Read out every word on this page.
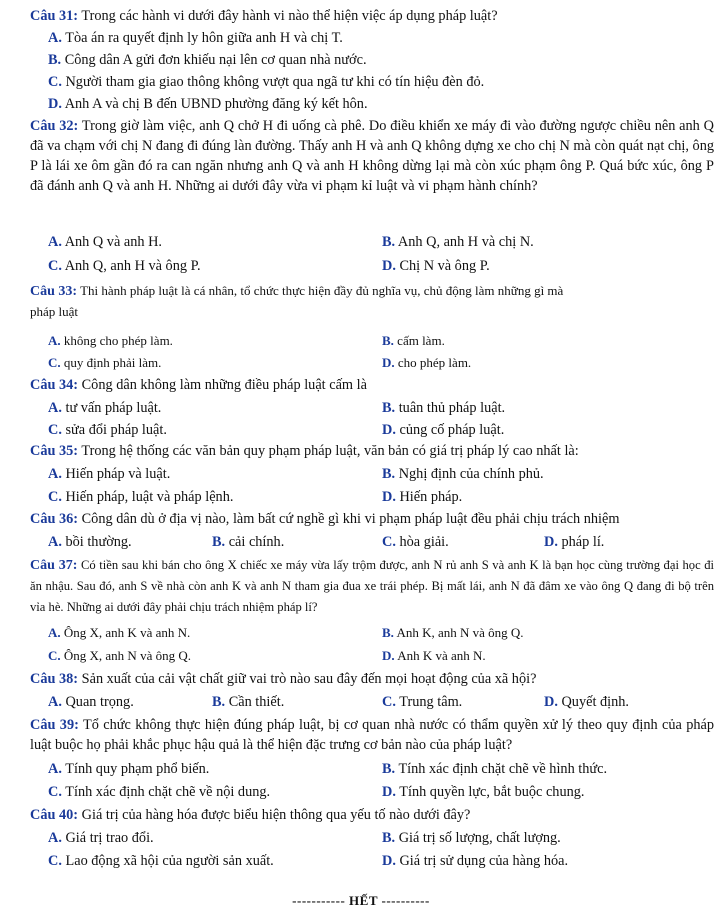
Câu 31: Trong các hành vi dưới đây hành vi nào thể hiện việc áp dụng pháp luật?
A. Tòa án ra quyết định ly hôn giữa anh H và chị T.
B. Công dân A gửi đơn khiếu nại lên cơ quan nhà nước.
C. Người tham gia giao thông không vượt qua ngã tư khi có tín hiệu đèn đỏ.
D. Anh A và chị B đến UBND phường đăng ký kết hôn.
Câu 32: Trong giờ làm việc, anh Q chở H đi uống cà phê. Do điều khiển xe máy đi vào đường ngược chiều nên anh Q đã va chạm với chị N đang đi đúng làn đường. Thấy anh H và anh Q không dựng xe cho chị N mà còn quát nạt chị, ông P là lái xe ôm gần đó ra can ngăn nhưng anh Q và anh H không dừng lại mà còn xúc phạm ông P. Quá bức xúc, ông P đã đánh anh Q và anh H. Những ai dưới đây vừa vi phạm kỉ luật và vi phạm hành chính?
A. Anh Q và anh H.	B. Anh Q, anh H và chị N.
C. Anh Q, anh H và ông P.	D. Chị N và ông P.
Câu 33: Thi hành pháp luật là cá nhân, tổ chức thực hiện đầy đủ nghĩa vụ, chủ động làm những gì mà pháp luật
A. không cho phép làm.	B. cấm làm.
C. quy định phải làm.	D. cho phép làm.
Câu 34: Công dân không làm những điều pháp luật cấm là
A. tư vấn pháp luật.	B. tuân thủ pháp luật.
C. sửa đổi pháp luật.	D. củng cố pháp luật.
Câu 35: Trong hệ thống các văn bản quy phạm pháp luật, văn bản có giá trị pháp lý cao nhất là:
A. Hiến pháp và luật.	B. Nghị định của chính phủ.
C. Hiến pháp, luật và pháp lệnh.	D. Hiến pháp.
Câu 36: Công dân dù ở địa vị nào, làm bất cứ nghề gì khi vi phạm pháp luật đều phải chịu trách nhiệm
A. bồi thường.	B. cải chính.	C. hòa giải.	D. pháp lí.
Câu 37: Có tiền sau khi bán cho ông X chiếc xe máy vừa lấy trộm được, anh N rủ anh S và anh K là bạn học cùng trường đại học đi ăn nhậu. Sau đó, anh S về nhà còn anh K và anh N tham gia đua xe trái phép. Bị mất lái, anh N đã đâm xe vào ông Q đang đi bộ trên vỉa hè. Những ai dưới đây phải chịu trách nhiệm pháp lí?
A. Ông X, anh K và anh N.	B. Anh K, anh N và ông Q.
C. Ông X, anh N và ông Q.	D. Anh K và anh N.
Câu 38: Sản xuất của cải vật chất giữ vai trò nào sau đây đến mọi hoạt động của xã hội?
A. Quan trọng.	B. Cần thiết.	C. Trung tâm.	D. Quyết định.
Câu 39: Tổ chức không thực hiện đúng pháp luật, bị cơ quan nhà nước có thẩm quyền xử lý theo quy định của pháp luật buộc họ phải khắc phục hậu quả là thể hiện đặc trưng cơ bản nào của pháp luật?
A. Tính quy phạm phổ biến.	B. Tính xác định chặt chẽ về hình thức.
C. Tính xác định chặt chẽ về nội dung.	D. Tính quyền lực, bắt buộc chung.
Câu 40: Giá trị của hàng hóa được biểu hiện thông qua yếu tố nào dưới đây?
A. Giá trị trao đổi.	B. Giá trị số lượng, chất lượng.
C. Lao động xã hội của người sản xuất.	D. Giá trị sử dụng của hàng hóa.
----------- HẾT ----------
